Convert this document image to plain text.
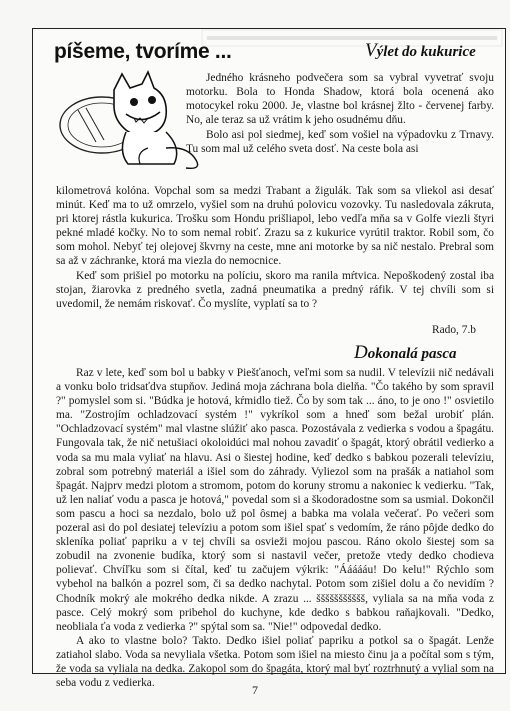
píšeme, tvoríme ...	Výlet do kukurice

Jedného krásneho podvečera som sa vybral vyvetrať svoju motorku. Bola to Honda Shadow, ktorá bola ocenená ako motocykel roku 2000. Je, vlastne bol krásnej žlto - červenej farby. No, ale teraz sa už vrátim k jeho osudnému dňu.

Bolo asi pol siedmej, keď som vošiel na výpadovku z Trnavy. Tu som mal už celého sveta dosť. Na ceste bola asi

kilometrová kolóna. Vopchal som sa medzi Trabant a žigulák. Tak som sa vliekol asi desať minút. Keď ma to už omrzelo, vyšiel som na druhú polovicu vozovky. Tu nasledovala zákruta, pri ktorej rástla kukurica. Trošku som Hondu prišliapol, lebo vedľa mňa sa v Golfe viezli štyri pekné mladé kočky. No to som nemal robiť. Zrazu sa z kukurice vyrútil traktor. Robil som, čo som mohol. Nebyť tej olejovej škvrny na ceste, mne ani motorke by sa nič nestalo. Prebral som sa až v záchranke, ktorá ma viezla do nemocnice.

Keď som prišiel po motorku na políciu, skoro ma ranila mŕtvica. Nepoškodený zostal iba stojan, žiarovka z predného svetla, zadná pneumatika a predný ráfik. V tej chvíli som si uvedomil, že nemám riskovať. Čo myslíte, vyplatí sa to ?

Rado, 7.b
Dokonalá pasca

Raz v lete, keď som bol u babky v Piešťanoch, veľmi som sa nudil. V televízii nič nedávali a vonku bolo tridsaťdva stupňov. Jediná moja záchrana bola dielňa. "Čo takého by som spravil ?" pomyslel som si. "Búdka je hotová, kŕmidlo tiež. Čo by som tak ... áno, to je ono !" osvietilo ma. "Zostrojím ochladzovací systém !" vykríkol som a hneď som bežal urobiť plán. "Ochladzovací systém" mal vlastne slúžiť ako pasca. Pozostávala z vedierka s vodou a špagátu. Fungovala tak, že nič netušiaci okoloidúci mal nohou zavadiť o špagát, ktorý obrátil vedierko a voda sa mu mala vyliať na hlavu. Asi o šiestej hodine, keď dedko s babkou pozerali televíziu, zobral som potrebný materiál a išiel som do záhrady. Vyliezol som na prašák a natiahol som špagát. Najprv medzi plotom a stromom, potom do koruny stromu a nakoniec k vedierku. "Tak, už len naliať vodu a pasca je hotová," povedal som si a škodoradostne som sa usmial. Dokončil som pascu a hoci sa nezdalo, bolo už pol ôsmej a babka ma volala večerať. Po večeri som pozeral asi do pol desiatej televíziu a potom som išiel spať s vedomím, že ráno pôjde dedko do skleníka poliať papriku a v tej chvíli sa osvieži mojou pascou. Ráno okolo šiestej som sa zobudil na zvonenie budíka, ktorý som si nastavil večer, pretože vtedy dedko chodieva polievať. Chvíľku som si čítal, keď tu začujem výkrik: "Áááááu! Do kelu!" Rýchlo som vybehol na balkón a pozrel som, či sa dedko nachytal. Potom som zišiel dolu a čo nevidím ? Chodník mokrý ale mokrého dedka nikde. A zrazu ... ššššššššššš, vyliala sa na mňa voda z pasce. Celý mokrý som pribehol do kuchyne, kde dedko s babkou raňajkovali. "Dedko, neobliala ťa voda z vedierka ?" spýtal som sa. "Nie!" odpovedal dedko.

A ako to vlastne bolo? Takto. Dedko išiel poliať papriku a potkol sa o špagát. Lenže zatiahol slabo. Voda sa nevyliala všetka. Potom som išiel na miesto činu ja a počítal som s tým, že voda sa vyliala na dedka. Zakopol som do špagáta, ktorý mal byť roztrhnutý a vylial som na seba vodu z vedierka.	7
